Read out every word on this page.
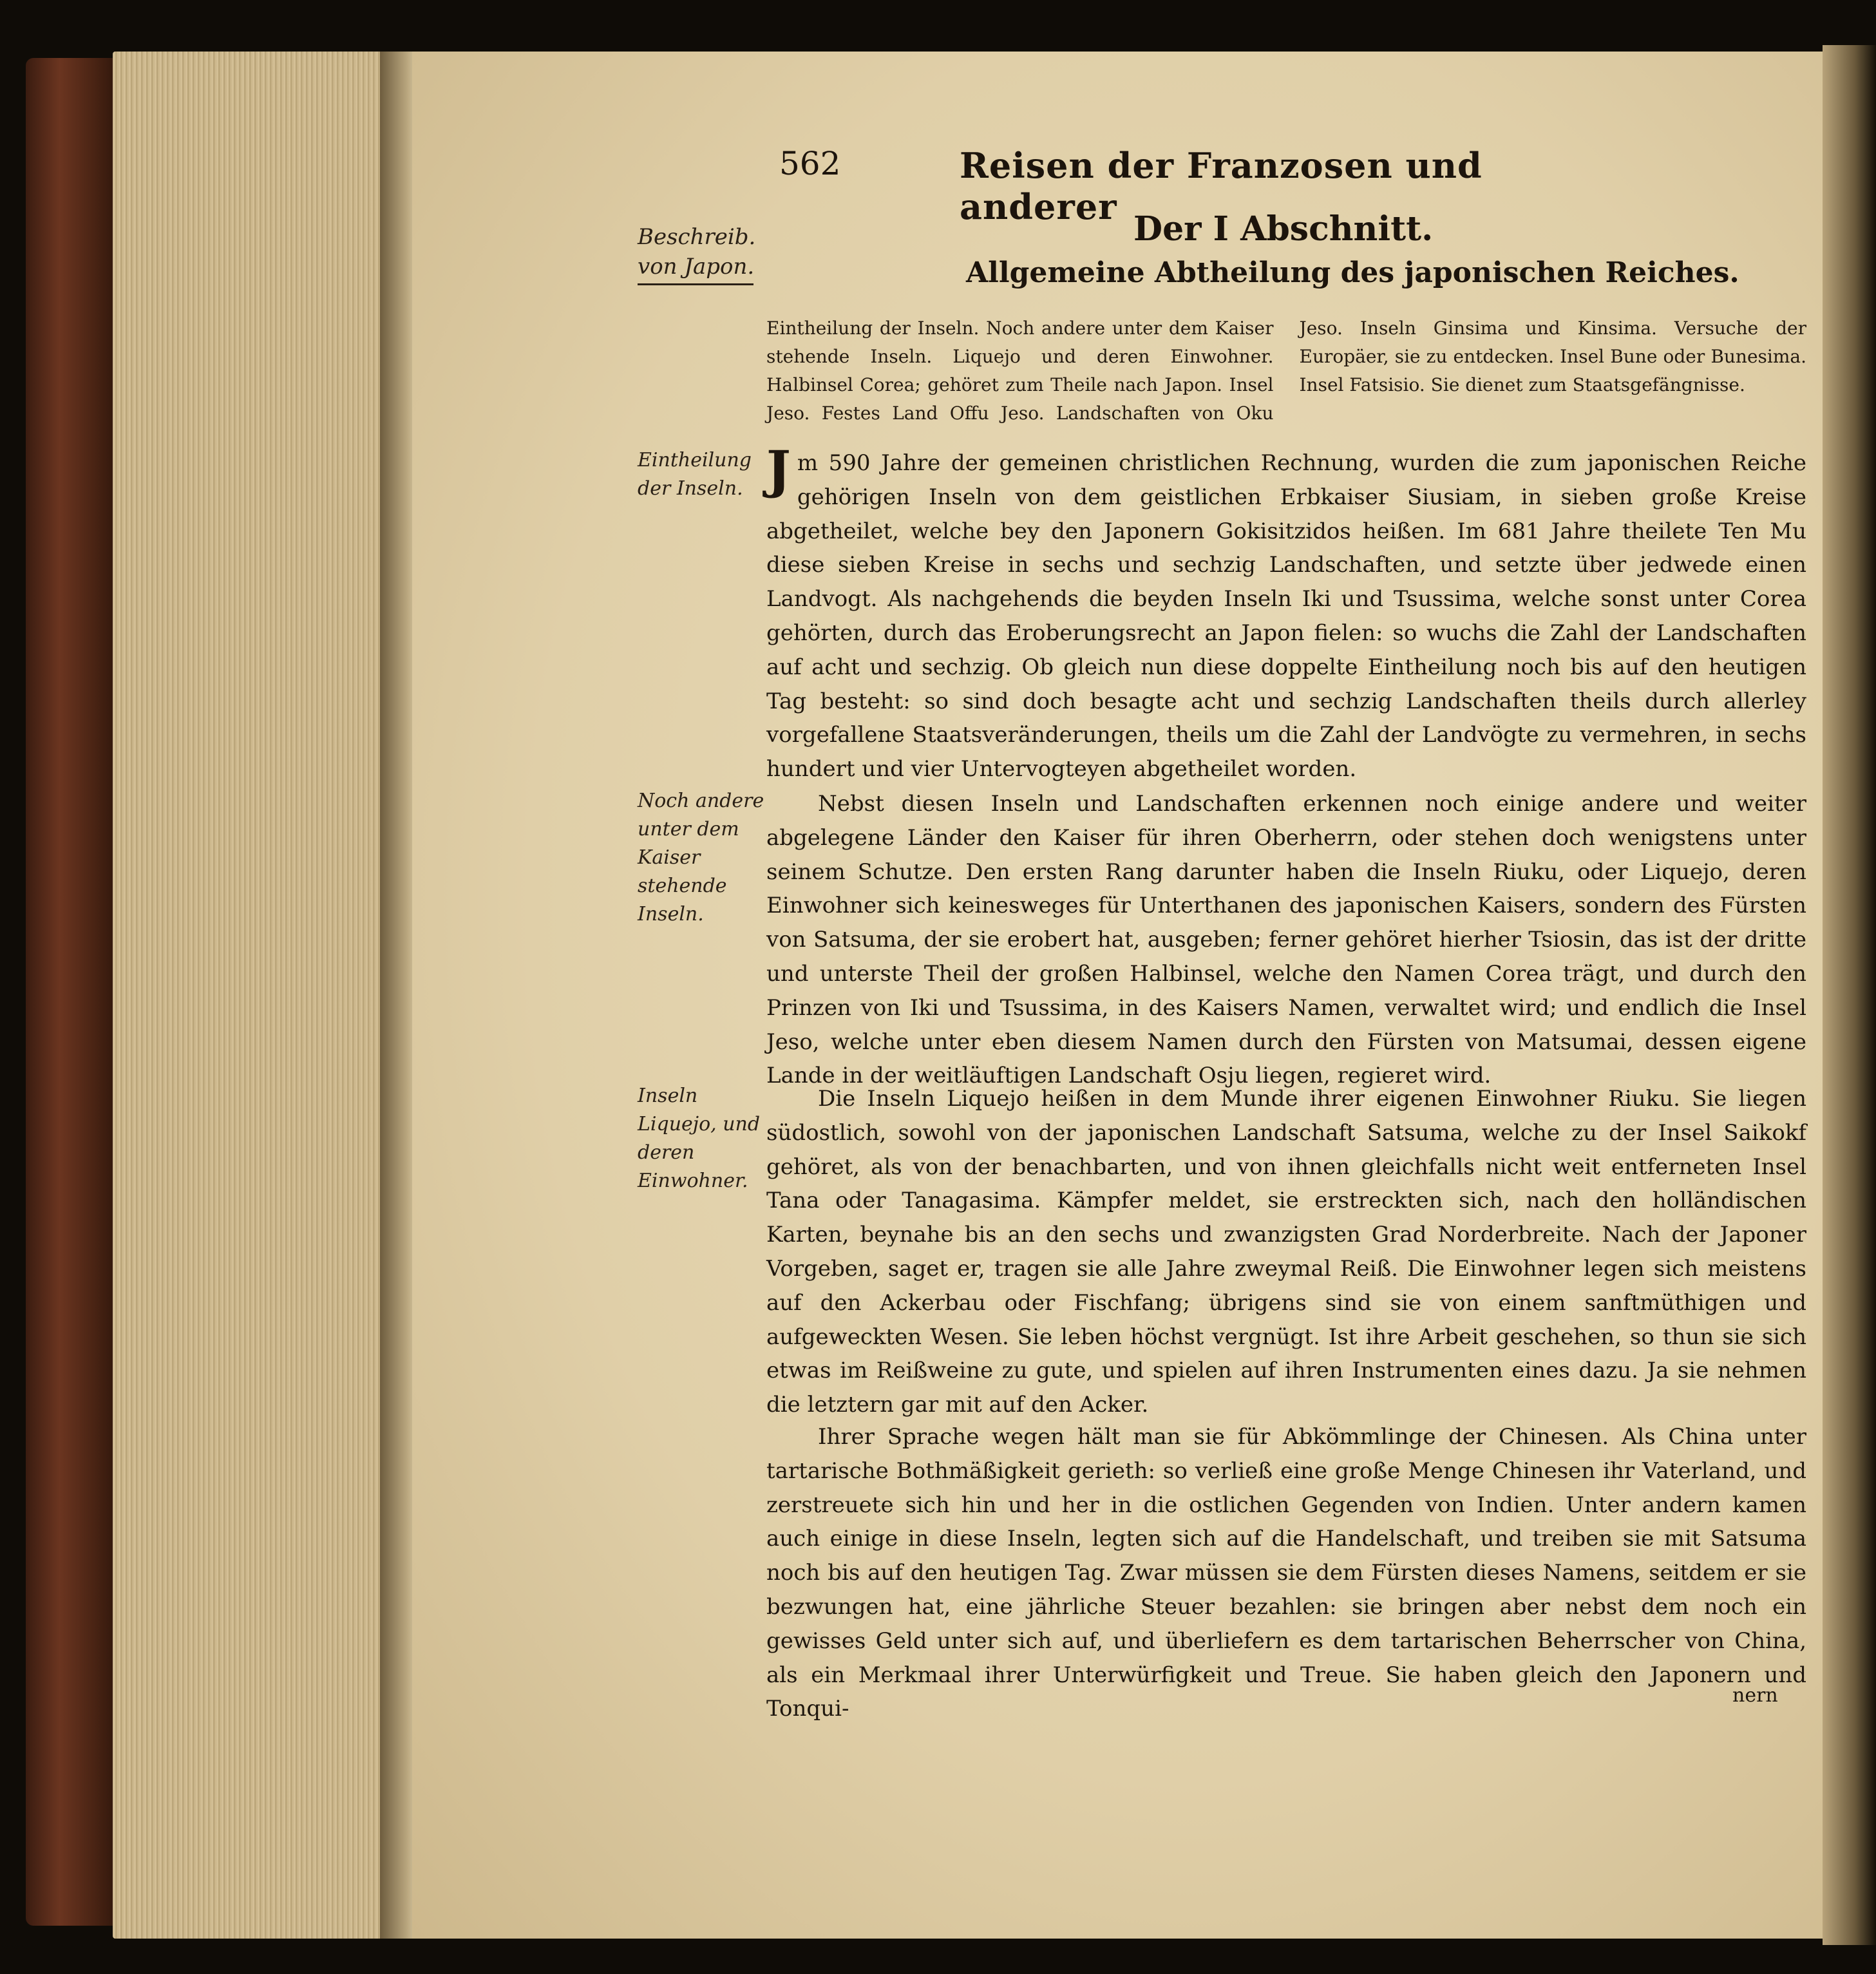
562	Reisen der Franzosen und anderer
Beschreib. von Japon.
Der I Abschnitt.
Allgemeine Abtheilung des japonischen Reiches.
Eintheilung der Inseln. Noch andere unter dem Kaiser stehende Inseln. Liquejo und deren Einwohner. Halbinsel Corea; gehöret zum Theile nach Japon. Insel Jeso. Festes Land Offu Jeso. Landschaften von Oku Jeso. Inseln Ginsima und Kinsima. Versuche der Europäer, sie zu entdecken. Insel Bune oder Bunesima. Insel Fatsisio. Sie dienet zum Staatsgefängnisse.
Eintheilung der Inseln.
Noch andere unter dem Kaiser stehende Inseln.
Inseln Liquejo, und deren Einwohner.
J m 590 Jahre der gemeinen christlichen Rechnung, wurden die zum japonischen Reiche gehörigen Inseln von dem geistlichen Erbkaiser Siusiam, in sieben große Kreise abgetheilet, welche bey den Japonern Gokisitzidos heißen. Im 681 Jahre theilete Ten Mu diese sieben Kreise in sechs und sechzig Landschaften, und setzte über jedwede einen Landvogt. Als nachgehends die beyden Inseln Iki und Tsussima, welche sonst unter Corea gehörten, durch das Eroberungsrecht an Japon fielen: so wuchs die Zahl der Landschaften auf acht und sechzig. Ob gleich nun diese doppelte Eintheilung noch bis auf den heutigen Tag besteht: so sind doch besagte acht und sechzig Landschaften theils durch allerley vorgefallene Staatsveränderungen, theils um die Zahl der Landvögte zu vermehren, in sechs hundert und vier Untervogteyen abgetheilet worden.
Nebst diesen Inseln und Landschaften erkennen noch einige andere und weiter abgelegene Länder den Kaiser für ihren Oberherrn, oder stehen doch wenigstens unter seinem Schutze. Den ersten Rang darunter haben die Inseln Riuku, oder Liquejo, deren Einwohner sich keinesweges für Unterthanen des japonischen Kaisers, sondern des Fürsten von Satsuma, der sie erobert hat, ausgeben; ferner gehöret hierher Tsiosin, das ist der dritte und unterste Theil der großen Halbinsel, welche den Namen Corea trägt, und durch den Prinzen von Iki und Tsussima, in des Kaisers Namen, verwaltet wird; und endlich die Insel Jeso, welche unter eben diesem Namen durch den Fürsten von Matsumai, dessen eigene Lande in der weitläuftigen Landschaft Osju liegen, regieret wird.
Die Inseln Liquejo heißen in dem Munde ihrer eigenen Einwohner Riuku. Sie liegen südostlich, sowohl von der japonischen Landschaft Satsuma, welche zu der Insel Saikokf gehöret, als von der benachbarten, und von ihnen gleichfalls nicht weit entferneten Insel Tana oder Tanagasima. Kämpfer meldet, sie erstreckten sich, nach den holländischen Karten, beynahe bis an den sechs und zwanzigsten Grad Norderbreite. Nach der Japoner Vorgeben, saget er, tragen sie alle Jahre zweymal Reiß. Die Einwohner legen sich meistens auf den Ackerbau oder Fischfang; übrigens sind sie von einem sanftmüthigen und aufgeweckten Wesen. Sie leben höchst vergnügt. Ist ihre Arbeit geschehen, so thun sie sich etwas im Reißweine zu gute, und spielen auf ihren Instrumenten eines dazu. Ja sie nehmen die letztern gar mit auf den Acker.
Ihrer Sprache wegen hält man sie für Abkömmlinge der Chinesen. Als China unter tartarische Bothmäßigkeit gerieth: so verließ eine große Menge Chinesen ihr Vaterland, und zerstreuete sich hin und her in die ostlichen Gegenden von Indien. Unter andern kamen auch einige in diese Inseln, legten sich auf die Handelschaft, und treiben sie mit Satsuma noch bis auf den heutigen Tag. Zwar müssen sie dem Fürsten dieses Namens, seitdem er sie bezwungen hat, eine jährliche Steuer bezahlen: sie bringen aber nebst dem noch ein gewisses Geld unter sich auf, und überliefern es dem tartarischen Beherrscher von China, als ein Merkmaal ihrer Unterwürfigkeit und Treue. Sie haben gleich den Japonern und Tonqui-
nern
